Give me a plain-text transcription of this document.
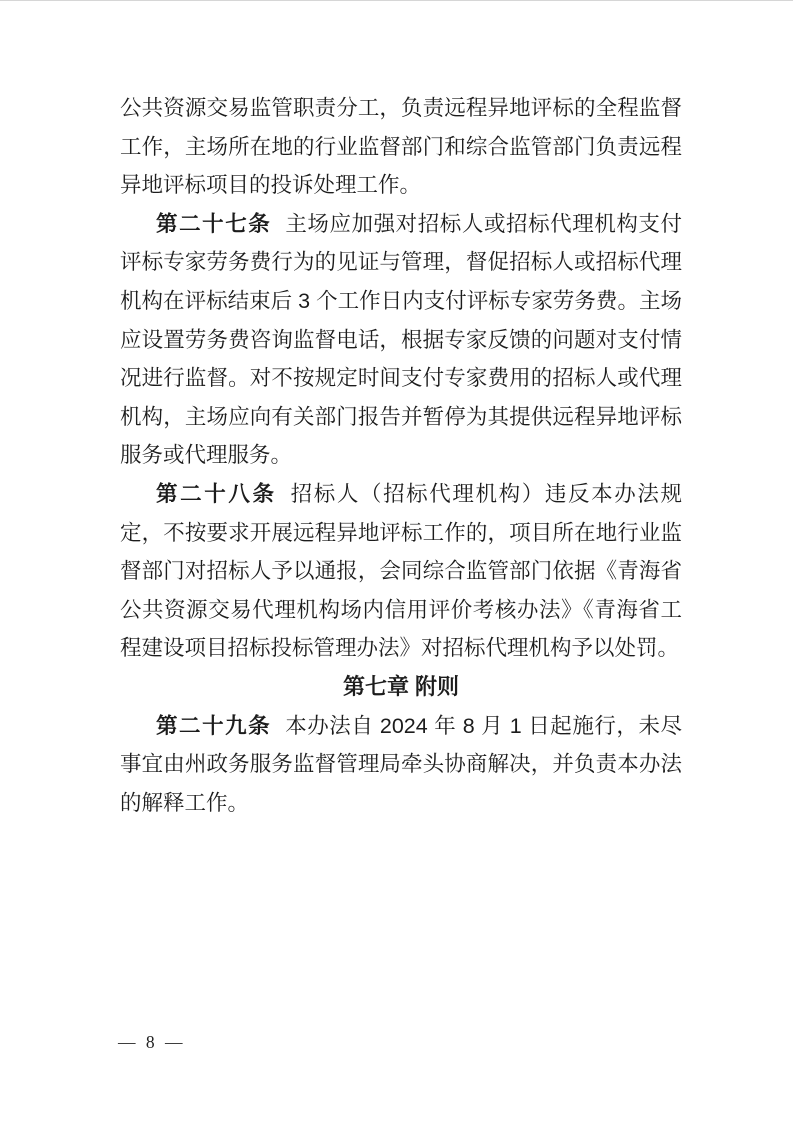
公共资源交易监管职责分工，负责远程异地评标的全程监督工作，主场所在地的行业监督部门和综合监管部门负责远程异地评标项目的投诉处理工作。

第二十七条 主场应加强对招标人或招标代理机构支付评标专家劳务费行为的见证与管理，督促招标人或招标代理机构在评标结束后 3 个工作日内支付评标专家劳务费。主场应设置劳务费咨询监督电话，根据专家反馈的问题对支付情况进行监督。对不按规定时间支付专家费用的招标人或代理机构，主场应向有关部门报告并暂停为其提供远程异地评标服务或代理服务。

第二十八条 招标人（招标代理机构）违反本办法规定，不按要求开展远程异地评标工作的，项目所在地行业监督部门对招标人予以通报，会同综合监管部门依据《青海省公共资源交易代理机构场内信用评价考核办法》《青海省工程建设项目招标投标管理办法》对招标代理机构予以处罚。

第七章 附则

第二十九条 本办法自 2024 年 8 月 1 日起施行，未尽事宜由州政务服务监督管理局牵头协商解决，并负责本办法的解释工作。

— 8 —
